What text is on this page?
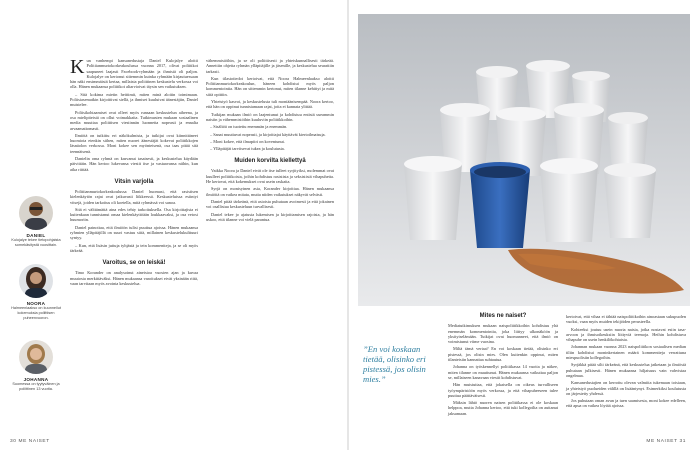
DANIEL
Kulojalye tekee tietopohjaista somekäsitystä vuosittain.
NOORA
Halmeenlaakso on kuunnellut kokemuksia poliittisen puheenvuoron.
JOHANNA
Suomessa on tyytyväinen ja poliittinen 13 vuotta.

Kun vanhempi kansanedustaja Daniel Kulojalye aloitti Politiianmurtokorkeakoulussa vuonna 2017, olivat poliitikot saapuneet laajasti Facebook-ryhmään ja ihmisiä oli paljon. Kulojalye on kertonut sittemmin kuinka ryhmään kirjautuessaan hän näki ensimmäistä kertaa, millaista poliittinen keskustelu verkossa voi olla. Hänen mukaansa poliitikot aliarvioivat täysin sen vaikutuksen.

– Sitä kokima mietin heittimit, miten minä aloitin toimimaan. Poliisiasematkin kirjoittivat siellä, ja ihmiset kuuluivat äänestäjiin, Daniel muistelee.

Poliisikohtaamiset ovat olleet myös runsaan keskustelun aiheena, ja osa mielipiteistä on ollut voimakkaita. Tutkimusten mukaan sosiaalinen media muuttaa poliittisen viestinnän luonnetta nopeasti ja ennalta arvaamattomasti.

Ilmiötä on tutkittu eri näkökulmista, ja tutkijat ovat kiinnittäneet huomiota etenkin siihen, miten nuoret äänestäjät kokevat poliitikkojen läsnäolon verkossa. Moni kokee sen myönteisenä, osa taas pitää sitä teennäisenä.

Danielin oma ryhmä on kasvanut tasaisesti, ja keskustelua käydään päivittäin. Hän kertoo lukevansa viestit itse ja vastaavansa niihin, kun aika riittää.

Vitsin varjolla

Politiianmurtokorkeakoulussa Daniel huomasi, että rasistisen kielenkäytön rajat ovat jatkuvasti liikkeessä. Keskusteluissa esiintyi vitsejä, joiden tarkoitus oli koetella, mitä ryhmässä voi sanoa.

Sitä ei välttämättä aina edes tehty tarkoituksella. Osa kirjoittajista ei kuitenkaan tunnistanut omaa kielenkäyttöään loukkaavaksi, ja osa vetosi huumoriin.

Daniel painottaa, että ilmiöön tulisi puuttua ajoissa. Hänen mukaansa ryhmien ylläpitäjillä on suuri vastuu siitä, millainen keskustelukulttuuri syntyy.

– Kun, että lisäsin juttuja tyhjästä ja tein kommentteja, ja se oli myös tärkeää.

Varoitus, se on leiskä!

Timo Korander on analysoinut aineistoa vuosien ajan ja kuvaa muutosta merkittäväksi. Hänen mukaansa varoitukset eivät yksinään riitä, vaan tarvitaan myös avointa keskustelua.

vähemmistöihin, ja se oli poliittisesti ja yhteiskunnallisesti tärkeää. Annettiin ohjeita ryhmän ylläpitäjille ja jäsenille, ja keskustelua seurattiin tarkasti.

Kun tilastotiedot kertoivat, että Noora Halmeenlaakso aloitti Politiianmurtokorkeakoulun, häneen kohdistui myös paljon kommentointia. Hän on sittemmin kertonut, miten tilanne kehittyi ja mitä siitä opittiin.

Yhteistyö kasvoi, ja keskustelusta tuli moniäänisempää. Noora kertoo, että hän on oppinut tunnistamaan rajat, joita ei kannata ylittää.

Tutkijan mukaan ilmiö on laajentunut ja kohdistuu entistä useammin naisiin ja vähemmistöihin kuuluviin poliitikkoihin.

– Sisältöä on tuotettu enemmän ja enemmän.

– Sanat muuttuvat nopeasti, ja kirjoittajat käyttävät kiertoilmaisuja.

– Moni kokee, että ilmapiiri on koventunut.

– Ylläpitäjät tarvitsevat tukea ja koulutusta.

Muiden korvilta kiellettyä

Vaikka Noora ja Daniel eivät ole itse tulleet syrjityiksi, molemmat ovat kuulleet poliitikoista, joihin kohdistuu rasistista ja seksististä vihapuhetta. He kertovat, että kokemukset ovat usein raskaita.

Syrjä on monisyinen asia, Korander kirjoittaa. Hänen mukaansa ilmiöitä on vaikea mitata, mutta niiden vaikutukset näkyvät selvästi.

Daniel pitää tärkeänä, että asioista puhutaan avoimesti ja että jokainen voi osallistua keskusteluun turvallisesti.

Daniel tekee jo ajatusta lukemisen ja kirjoittamisen rajoista, ja hän uskoo, että tilanne voi vielä parantua.

30 ME NAISET
”En voi koskaan tietää, olisinko eri pistessä, jos olisin mies.”
Mites ne naiset?

Mediatutkimuksen mukaan naispoliitikkoihin kohdistuu yhä enemmän kommentointia, joka liittyy ulkonäköön ja yksityiselämään. Tutkijat ovat huomanneet, että ilmiö on voimistunut viime vuosina.

Miltä tämä vertaa? En voi koskaan tietää, olisinko eri pistessä, jos olisin mies. Olen kuitenkin oppinut, miten tilanteisiin kannattaa suhtautua.

Johanna on työskennellyt politiikassa 14 vuotta ja näkee, miten tilanne on muuttunut. Hänen mukaansa vaikuttaa paljon se, millaiseen kanavaan viestit kohdistuvat.

Hän muistuttaa, että jokaisella on oikeus turvalliseen työympäristöön myös verkossa, ja että vihapuheeseen tulee puuttua päättäväisesti.

Mäksin lähtö nuoren naisen politiikassa ei ole koskaan helppoa, mutta Johanna kertoo, että tuki kollegoilta on auttanut jaksamaan.

kertoivat, että vihaa ei tähtää naispoliitikoihin ainoastaan sukupuolen vuoksi, vaan myös muiden tekijöiden perusteella.

Kohteeksi joutuu usein nuoria naisia, jotka nostavat esiin tasa-arvoon ja ihmisoikeuksiin liittyviä teemoja. Heihin kohdistuva vihapuhe on usein henkilökohtaista.

Johannan mukaan vuonna 2023 naispoliitikon sosiaalisen median tiliin kohdistui moninkertainen määrä kommentteja verrattuna miespuolisiin kollegoihin.

Syrjäkkä pitää silti tärkeänä, että keskustelua jatketaan ja ilmiöstä puhutaan julkisesti. Hänen mukaansa hiljaisuus vain vahvistaa ongelmaa.

Kansanedustajien on kerrottu olevan valmiita tukemaan toisiaan, ja yhteistyö puolueiden välillä on lisääntynyt. Esimerkiksi koulutusta on järjestetty yhdessä.

Jos puhutaan oman avun ja tuen saamisesta, moni kokee edelleen, että apua on vaikea löytää ajoissa.

ME NAISET 31
